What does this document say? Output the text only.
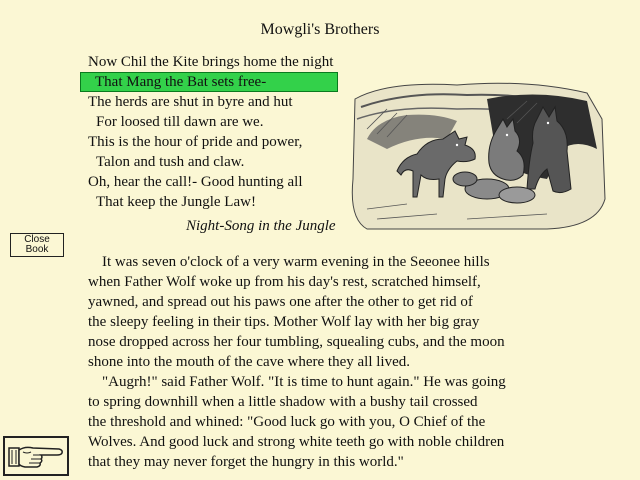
Mowgli's Brothers
Now Chil the Kite brings home the night
That Mang the Bat sets free-
The herds are shut in byre and hut
For loosed till dawn are we.
This is the hour of pride and power,
Talon and tush and claw.
Oh, hear the call!- Good hunting all
That keep the Jungle Law!
Night-Song in the Jungle
It was seven o'clock of a very warm evening in the Seeonee hills
when Father Wolf woke up from his day's rest, scratched himself,
yawned, and spread out his paws one after the other to get rid of
the sleepy feeling in their tips. Mother Wolf lay with her big gray
nose dropped across her four tumbling, squealing cubs, and the moon
shone into the mouth of the cave where they all lived.
"Augrh!" said Father Wolf. "It is time to hunt again." He was going
to spring downhill when a little shadow with a bushy tail crossed
the threshold and whined: "Good luck go with you, O Chief of the
Wolves. And good luck and strong white teeth go with noble children
that they may never forget the hungry in this world."
Close
Book
